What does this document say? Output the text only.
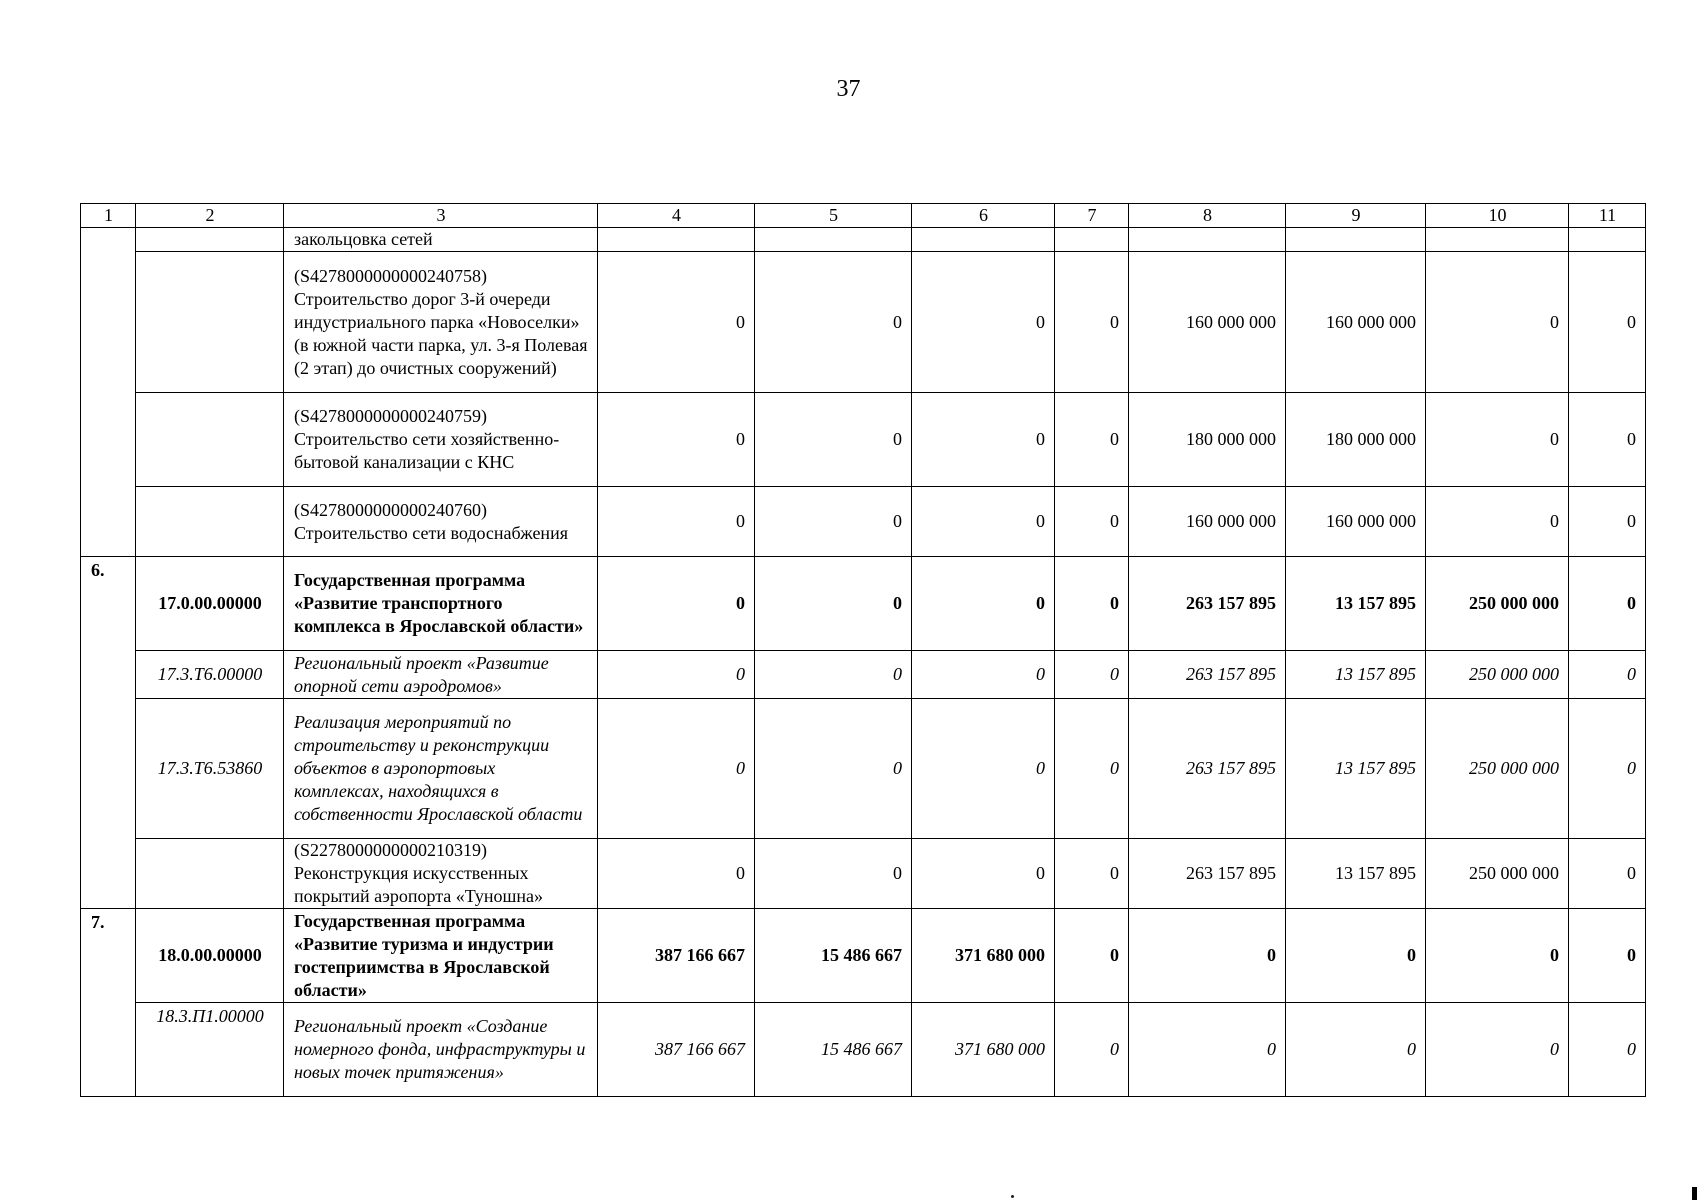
37
1	2	3	4	5	6	7	8	9	10	11
		закольцовка сетей								
		(S4278000000000240758) Строительство дорог 3-й очереди индустриального парка «Новоселки» (в южной части парка, ул. 3-я Полевая (2 этап) до очистных сооружений)	0	0	0	0	160 000 000	160 000 000	0	0
		(S4278000000000240759) Строительство сети хозяйственно-бытовой канализации с КНС	0	0	0	0	180 000 000	180 000 000	0	0
		(S4278000000000240760) Строительство сети водоснабжения	0	0	0	0	160 000 000	160 000 000	0	0
6.	17.0.00.00000	Государственная программа «Развитие транспортного комплекса в Ярославской области»	0	0	0	0	263 157 895	13 157 895	250 000 000	0
	17.3.Т6.00000	Региональный проект «Развитие опорной сети аэродромов»	0	0	0	0	263 157 895	13 157 895	250 000 000	0
	17.3.Т6.53860	Реализация мероприятий по строительству и реконструкции объектов в аэропортовых комплексах, находящихся в собственности Ярославской области	0	0	0	0	263 157 895	13 157 895	250 000 000	0
		(S2278000000000210319) Реконструкция искусственных покрытий аэропорта «Туношна»	0	0	0	0	263 157 895	13 157 895	250 000 000	0
7.	18.0.00.00000	Государственная программа «Развитие туризма и индустрии гостеприимства в Ярославской области»	387 166 667	15 486 667	371 680 000	0	0	0	0	0
	18.3.П1.00000	Региональный проект «Создание номерного фонда, инфраструктуры и новых точек притяжения»	387 166 667	15 486 667	371 680 000	0	0	0	0	0
